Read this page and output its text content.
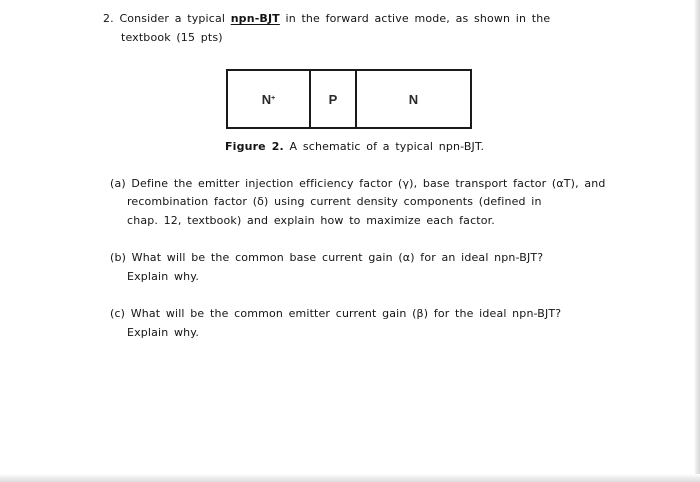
2. Consider a typical npn-BJT in the forward active mode, as shown in the
textbook (15 pts)
N+	P	N
Figure 2. A schematic of a typical npn-BJT.
(a) Define the emitter injection efficiency factor (γ), base transport factor (αT), and
recombination factor (δ) using current density components (defined in
chap. 12, textbook) and explain how to maximize each factor.
(b) What will be the common base current gain (α) for an ideal npn-BJT?
Explain why.
(c) What will be the common emitter current gain (β) for the ideal npn-BJT?
Explain why.
